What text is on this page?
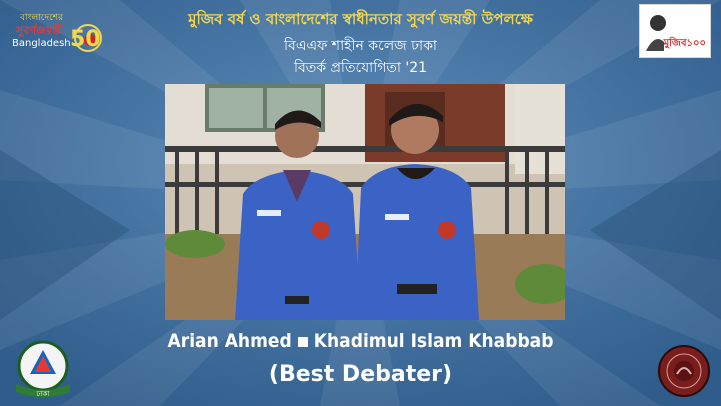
বাংলাদেশের
সুবর্ণজয়ন্তী
Bangladesh 50	মুজিব১০০
মুজিব বর্ষ ও বাংলাদেশের স্বাধীনতার সুবর্ণ জয়ন্তী উপলক্ষে
বিএএফ শাহীন কলেজ ঢাকা
বিতর্ক প্রতিযোগিতা '21
Arian Ahmed Khadimul Islam Khabbab
(Best Debater)
ঢাকা
